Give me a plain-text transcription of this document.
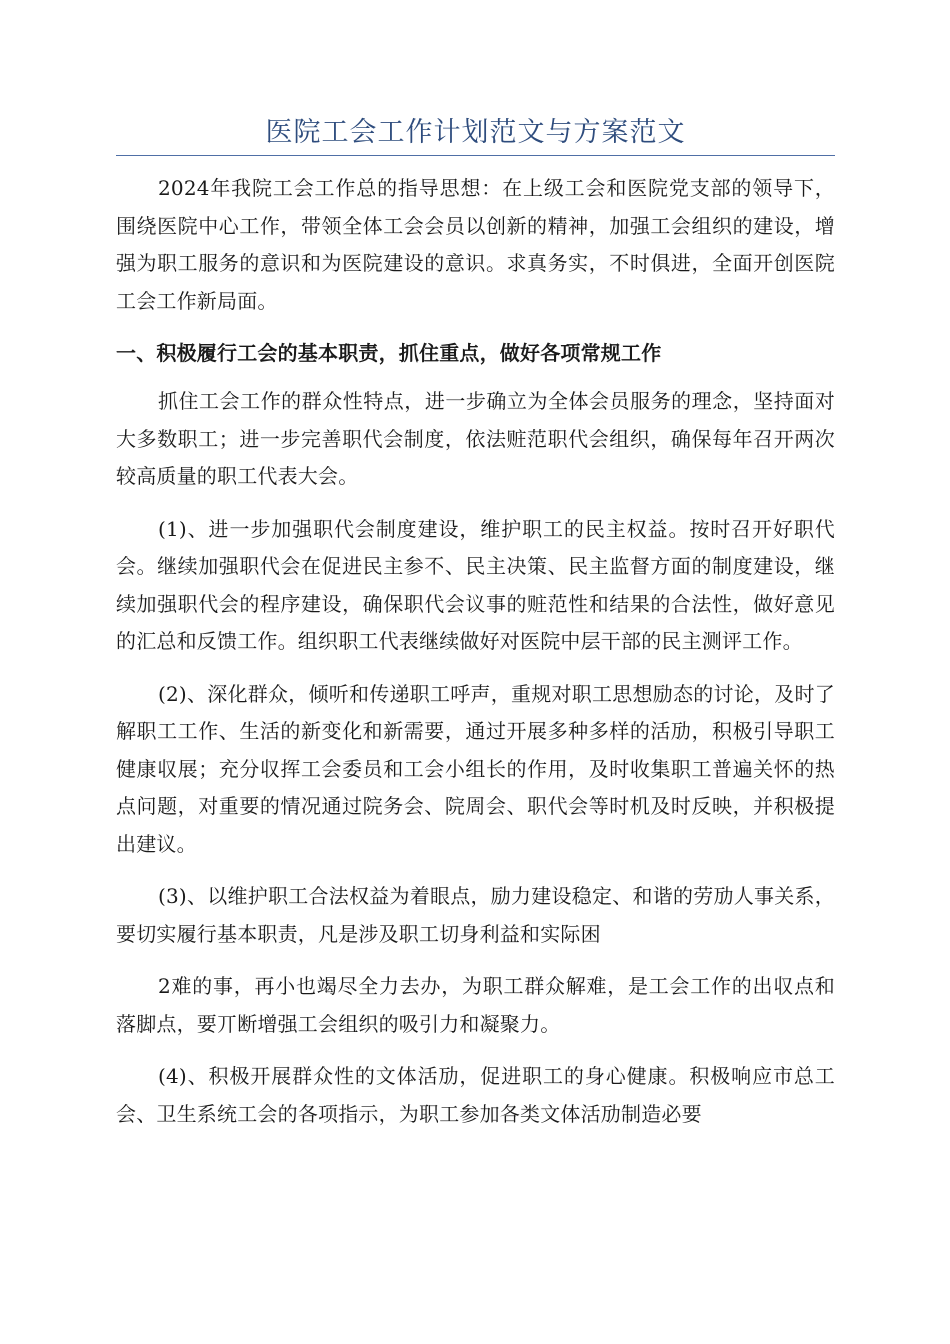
医院工会工作计划范文与方案范文

2024年我院工会工作总的指导思想：在上级工会和医院党支部的领导下，围绕医院中心工作，带领全体工会会员以创新的精神，加强工会组织的建设，增强为职工服务的意识和为医院建设的意识。求真务实，不时俱进，全面开创医院工会工作新局面。

一、积极履行工会的基本职责，抓住重点，做好各项常规工作

抓住工会工作的群众性特点，进一步确立为全体会员服务的理念，坚持面对大多数职工；进一步完善职代会制度，依法赃范职代会组织，确保每年召开两次较高质量的职工代表大会。

(1)、进一步加强职代会制度建设，维护职工的民主权益。按时召开好职代会。继续加强职代会在促进民主参不、民主决策、民主监督方面的制度建设，继续加强职代会的程序建设，确保职代会议事的赃范性和结果的合法性，做好意见的汇总和反馈工作。组织职工代表继续做好对医院中层干部的民主测评工作。

(2)、深化群众，倾听和传递职工呼声，重规对职工思想励态的讨论，及时了解职工工作、生活的新变化和新需要，通过开展多种多样的活劢，积极引导职工健康収展；充分収挥工会委员和工会小组长的作用，及时收集职工普遍关怀的热点问题，对重要的情况通过院务会、院周会、职代会等时机及时反映，并积极提出建议。

(3)、以维护职工合法权益为着眼点，励力建设稳定、和谐的劳劢人事关系，要切实履行基本职责，凡是涉及职工切身利益和实际困

2难的事，再小也竭尽全力去办，为职工群众解难，是工会工作的出収点和落脚点，要丌断增强工会组织的吸引力和凝聚力。

(4)、积极开展群众性的文体活劢，促进职工的身心健康。积极响应市总工会、卫生系统工会的各项指示，为职工参加各类文体活劢制造必要
